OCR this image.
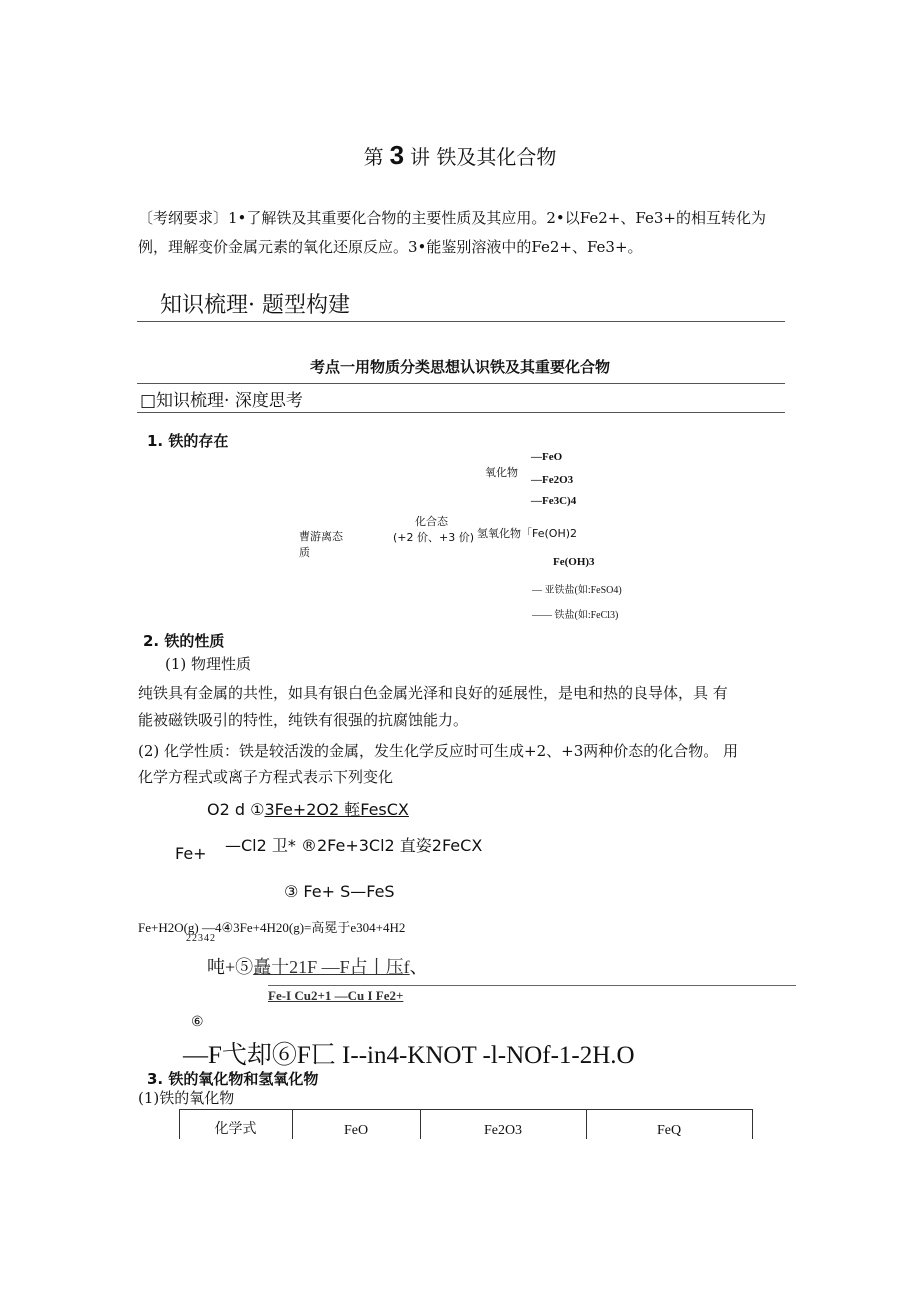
第 3 讲 铁及其化合物
〔考纲要求〕1•了解铁及其重要化合物的主要性质及其应用。2•以Fe2+、Fe3+的相互转化为
例，理解变价金属元素的氧化还原反应。3•能鉴别溶液中的Fe2+、Fe3+。
知识梳理· 题型构建
考点一用物质分类思想认识铁及其重要化合物
□知识梳理· 深度思考
1. 铁的存在
曹游离态
质
化合态
(+2 价、+3 价)
氧化物
—FeO
—Fe2O3
—Fe3C)4
氢氧化物「Fe(OH)2
Fe(OH)3
— 亚铁盐(如:FeSO4)
—— 铁盐(如:FeCl3)
2. 铁的性质
(1) 物理性质
纯铁具有金属的共性，如具有银白色金属光泽和良好的延展性，是电和热的良导体，具 有
能被磁铁吸引的特性，纯铁有很强的抗腐蚀能力。
(2) 化学性质：铁是较活泼的金属，发生化学反应时可生成+2、+3两种价态的化合物。 用
化学方程式或离子方程式表示下列变化
O2 d ①3Fe+2O2 輊FesCX
Fe+ —Cl2 卫* ®2Fe+3Cl2 直姿2FeCX
③ Fe+ S—FeS
Fe+H2O(g) —4④3Fe+4H20(g)=高冕于e304+4H2
22342
吨+⑤矗十21F —F占丨压f、
Fe-I Cu2+1 —Cu I Fe2+
⑥
—F弋却⑥F匸 I--in4-KNOT -l-NOf-1-2H.O
3. 铁的氧化物和氢氧化物
(1)铁的氧化物
化学式	FeO	Fe2O3	FeQ
